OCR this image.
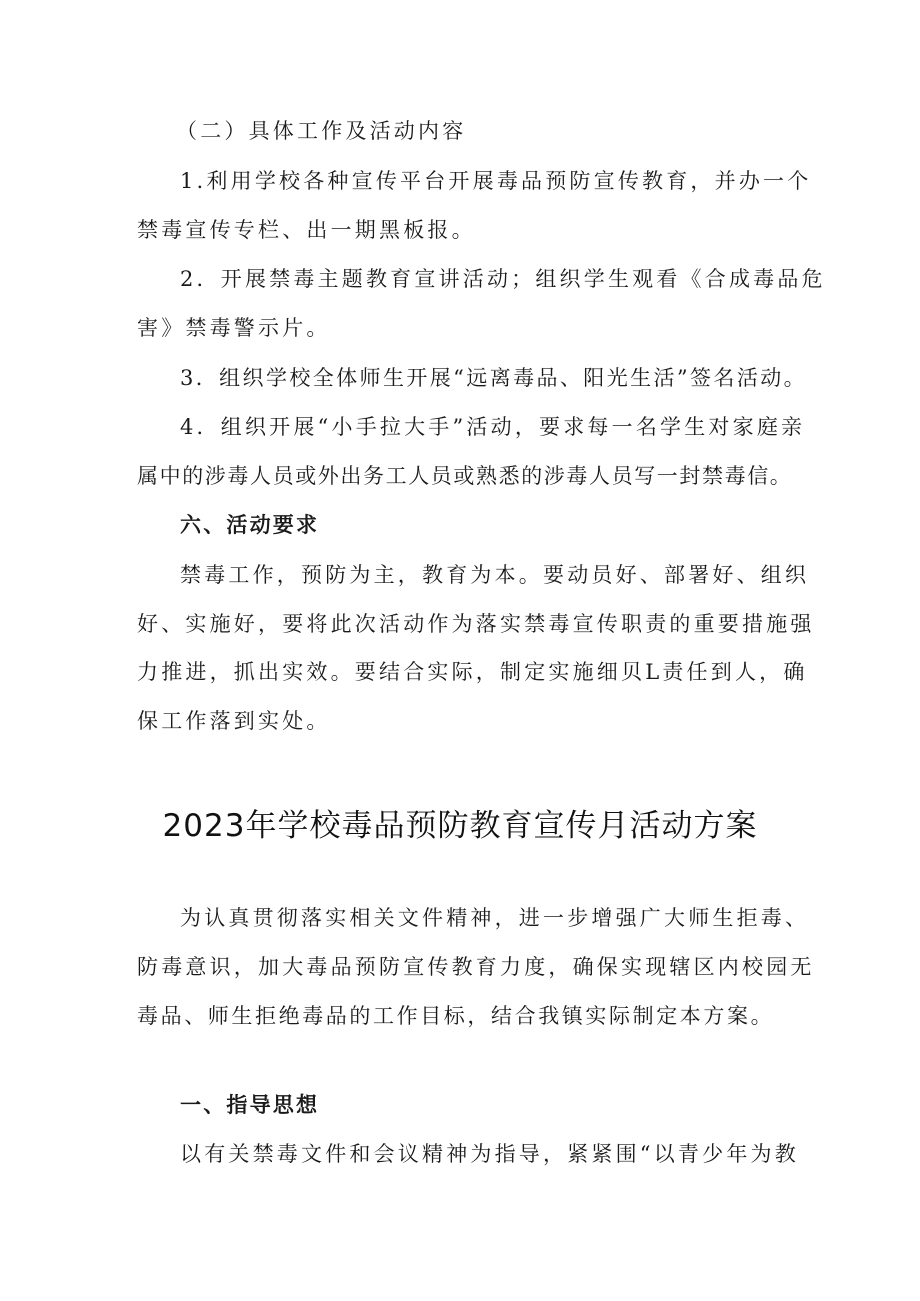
（二）具体工作及活动内容
1.利用学校各种宣传平台开展毒品预防宣传教育，并办一个
禁毒宣传专栏、出一期黑板报。
2．开展禁毒主题教育宣讲活动；组织学生观看《合成毒品危
害》禁毒警示片。
3．组织学校全体师生开展“远离毒品、阳光生活”签名活动。
4．组织开展“小手拉大手”活动，要求每一名学生对家庭亲
属中的涉毒人员或外出务工人员或熟悉的涉毒人员写一封禁毒信。
六、活动要求
禁毒工作，预防为主，教育为本。要动员好、部署好、组织
好、实施好，要将此次活动作为落实禁毒宣传职责的重要措施强
力推进，抓出实效。要结合实际，制定实施细贝L责任到人，确
保工作落到实处。
2023年学校毒品预防教育宣传月活动方案
为认真贯彻落实相关文件精神，进一步增强广大师生拒毒、
防毒意识，加大毒品预防宣传教育力度，确保实现辖区内校园无
毒品、师生拒绝毒品的工作目标，结合我镇实际制定本方案。
一、指导思想
以有关禁毒文件和会议精神为指导，紧紧围“以青少年为教
